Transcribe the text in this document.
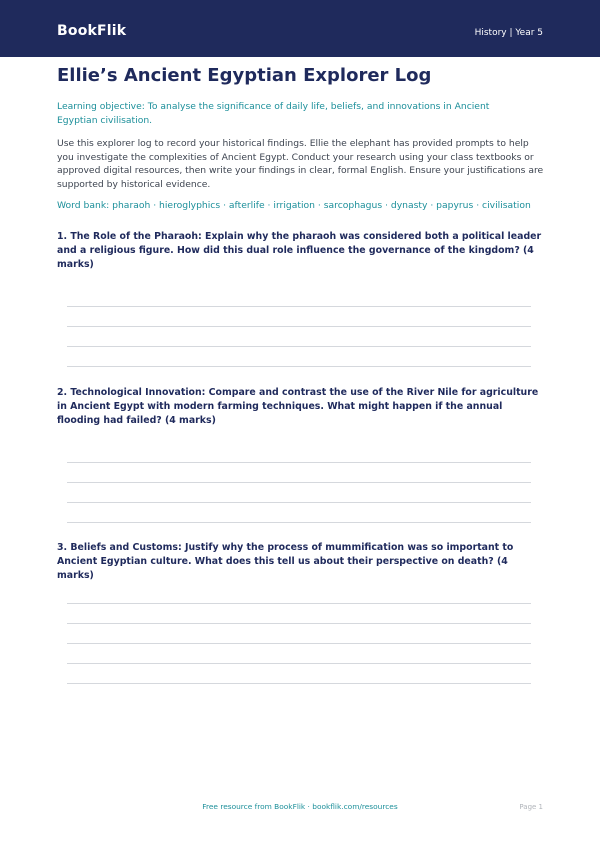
BookFlik	History | Year 5
Ellie’s Ancient Egyptian Explorer Log
Learning objective: To analyse the significance of daily life, beliefs, and innovations in Ancient Egyptian civilisation.
Use this explorer log to record your historical findings. Ellie the elephant has provided prompts to help you investigate the complexities of Ancient Egypt. Conduct your research using your class textbooks or approved digital resources, then write your findings in clear, formal English. Ensure your justifications are supported by historical evidence.
Word bank: pharaoh · hieroglyphics · afterlife · irrigation · sarcophagus · dynasty · papyrus · civilisation
1. The Role of the Pharaoh: Explain why the pharaoh was considered both a political leader and a religious figure. How did this dual role influence the governance of the kingdom? (4 marks)
2. Technological Innovation: Compare and contrast the use of the River Nile for agriculture in Ancient Egypt with modern farming techniques. What might happen if the annual flooding had failed? (4 marks)
3. Beliefs and Customs: Justify why the process of mummification was so important to Ancient Egyptian culture. What does this tell us about their perspective on death? (4 marks)
Free resource from BookFlik · bookflik.com/resources	Page 1
